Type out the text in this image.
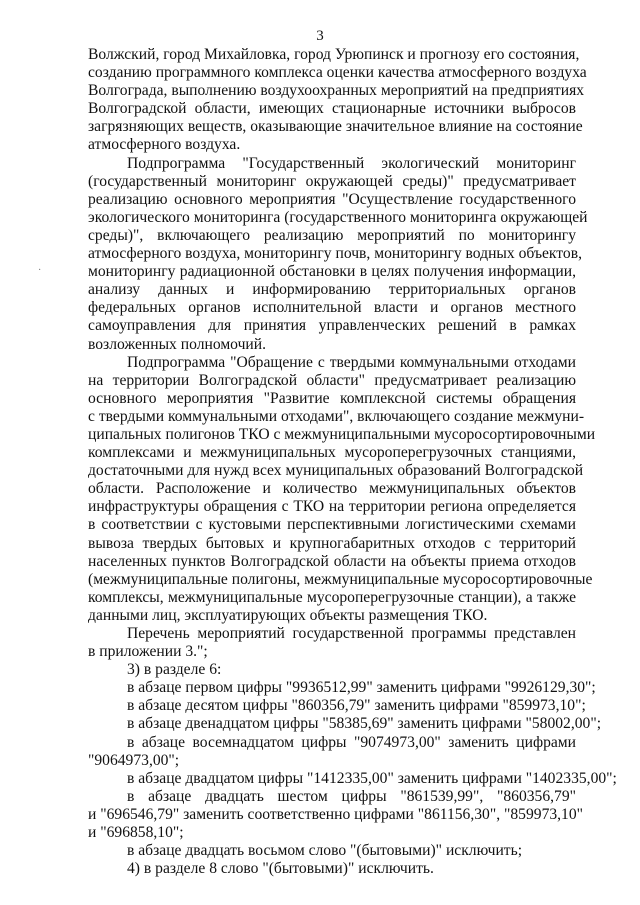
3
·
Волжский, город Михайловка, город Урюпинск и прогнозу его состояния,
созданию программного комплекса оценки качества атмосферного воздуха
Волгограда, выполнению воздухоохранных мероприятий на предприятиях
Волгоградской области, имеющих стационарные источники выбросов
загрязняющих веществ, оказывающие значительное влияние на состояние
атмосферного воздуха.
Подпрограмма "Государственный экологический мониторинг
(государственный мониторинг окружающей среды)" предусматривает
реализацию основного мероприятия "Осуществление государственного
экологического мониторинга (государственного мониторинга окружающей
среды)", включающего реализацию мероприятий по мониторингу
атмосферного воздуха, мониторингу почв, мониторингу водных объектов,
мониторингу радиационной обстановки в целях получения информации,
анализу данных и информированию территориальных органов
федеральных органов исполнительной власти и органов местного
самоуправления для принятия управленческих решений в рамках
возложенных полномочий.
Подпрограмма "Обращение с твердыми коммунальными отходами
на территории Волгоградской области" предусматривает реализацию
основного мероприятия "Развитие комплексной системы обращения
с твердыми коммунальными отходами", включающего создание межмуни-
ципальных полигонов ТКО с межмуниципальными мусоросортировочными
комплексами и межмуниципальных мусороперегрузочных станциями,
достаточными для нужд всех муниципальных образований Волгоградской
области. Расположение и количество межмуниципальных объектов
инфраструктуры обращения с ТКО на территории региона определяется
в соответствии с кустовыми перспективными логистическими схемами
вывоза твердых бытовых и крупногабаритных отходов с территорий
населенных пунктов Волгоградской области на объекты приема отходов
(межмуниципальные полигоны, межмуниципальные мусоросортировочные
комплексы, межмуниципальные мусороперегрузочные станции), а также
данными лиц, эксплуатирующих объекты размещения ТКО.
Перечень мероприятий государственной программы представлен
в приложении 3.";
3) в разделе 6:
в абзаце первом цифры "9936512,99" заменить цифрами "9926129,30";
в абзаце десятом цифры "860356,79" заменить цифрами "859973,10";
в абзаце двенадцатом цифры "58385,69" заменить цифрами "58002,00";
в абзаце восемнадцатом цифры "9074973,00" заменить цифрами
"9064973,00";
в абзаце двадцатом цифры "1412335,00" заменить цифрами "1402335,00";
в абзаце двадцать шестом цифры "861539,99", "860356,79"
и "696546,79" заменить соответственно цифрами "861156,30", "859973,10"
и "696858,10";
в абзаце двадцать восьмом слово "(бытовыми)" исключить;
4) в разделе 8 слово "(бытовыми)" исключить.
